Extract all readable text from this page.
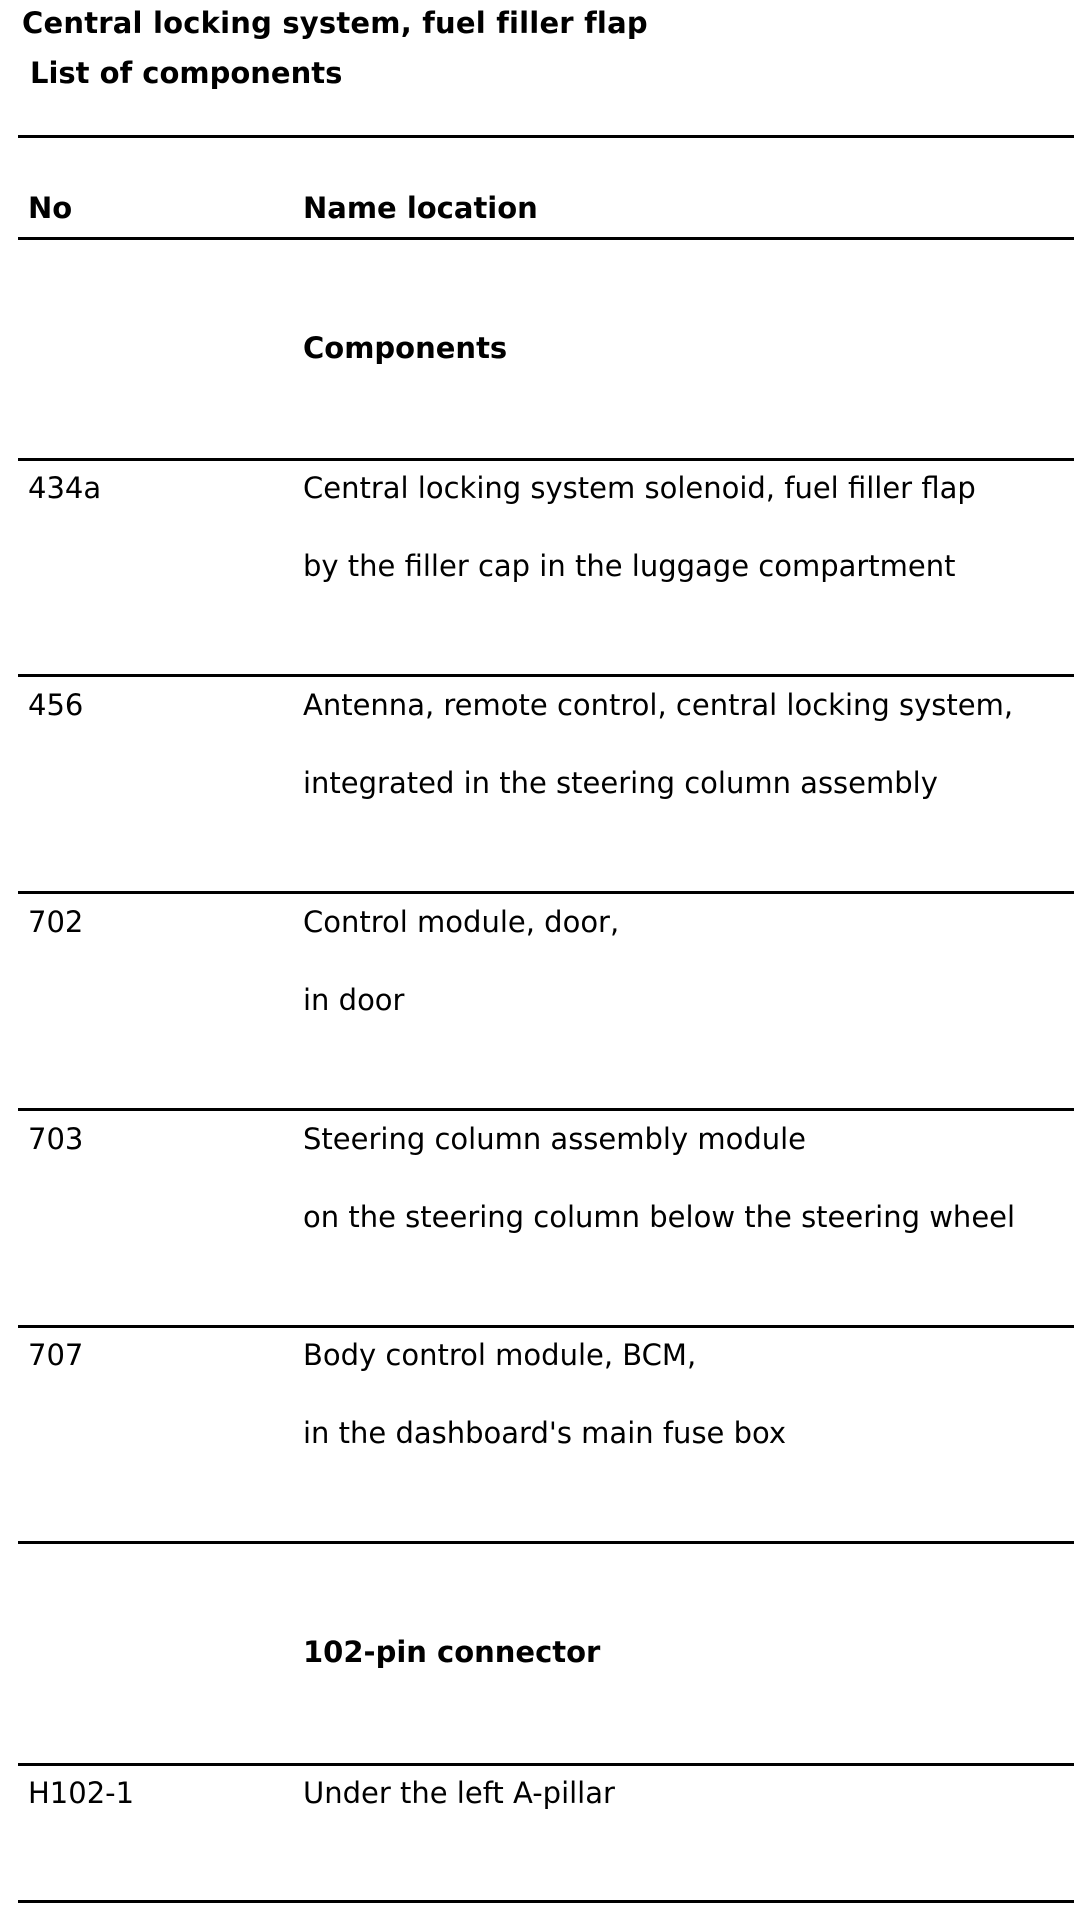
Central locking system, fuel filler flap
List of components
No	Name location
Components
434a	Central locking system solenoid, fuel filler flap
by the filler cap in the luggage compartment
456	Antenna, remote control, central locking system,
integrated in the steering column assembly
702	Control module, door,
in door
703	Steering column assembly module
on the steering column below the steering wheel
707	Body control module, BCM,
in the dashboard's main fuse box
102-pin connector
H102-1	Under the left A-pillar
